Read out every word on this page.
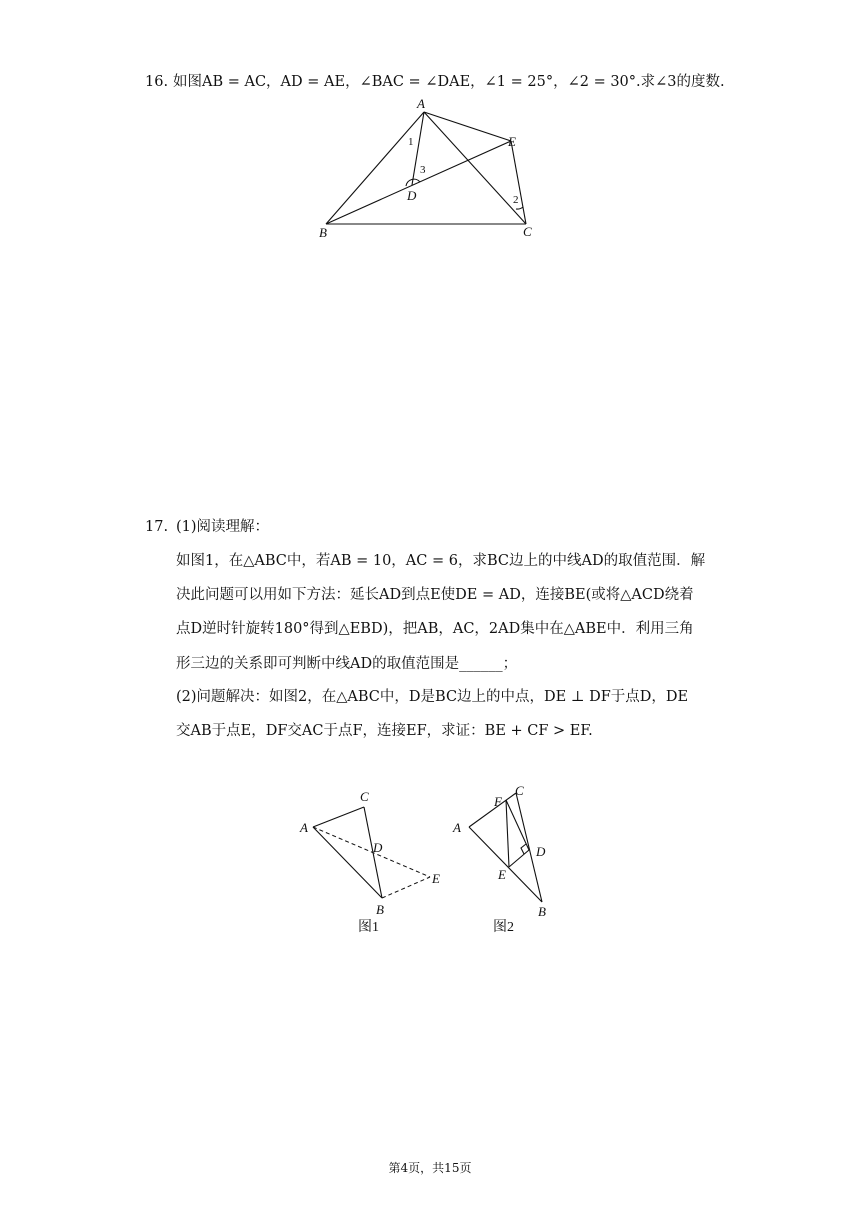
16. 如图AB = AC，AD = AE，∠BAC = ∠DAE，∠1 = 25°，∠2 = 30°.求∠3的度数.
A
B	C
D
E
1
2
3
17. (1)阅读理解：
如图1，在△ABC中，若AB = 10，AC = 6，求BC边上的中线AD的取值范围．解
决此问题可以用如下方法：延长AD到点E使DE = AD，连接BE(或将△ACD绕着
点D逆时针旋转180°得到△EBD)，把AB，AC，2AD集中在△ABE中．利用三角
形三边的关系即可判断中线AD的取值范围是______；
(2)问题解决：如图2，在△ABC中，D是BC边上的中点，DE ⊥ DF于点D，DE
交AB于点E，DF交AC于点F，连接EF，求证：BE + CF > EF.
A
B
C
D
E
图1
A
B
C
D
E
F
图2
第4页，共15页
